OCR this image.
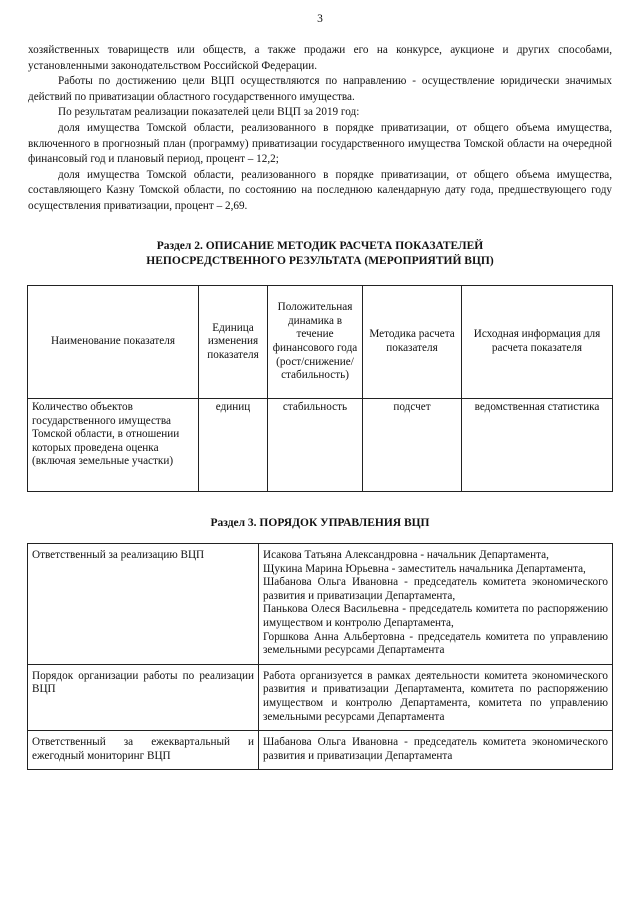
3

хозяйственных товариществ или обществ, а также продажи его на конкурсе, аукционе и других способами, установленными законодательством Российской Федерации.

Работы по достижению цели ВЦП осуществляются по направлению - осуществление юридически значимых действий по приватизации областного государственного имущества.

По результатам реализации показателей цели ВЦП за 2019 год:

доля имущества Томской области, реализованного в порядке приватизации, от общего объема имущества, включенного в прогнозный план (программу) приватизации государственного имущества Томской области на очередной финансовый год и плановый период, процент – 12,2;

доля имущества Томской области, реализованного в порядке приватизации, от общего объема имущества, составляющего Казну Томской области, по состоянию на последнюю календарную дату года, предшествующего году осуществления приватизации, процент – 2,69.

Раздел 2. ОПИСАНИЕ МЕТОДИК РАСЧЕТА ПОКАЗАТЕЛЕЙ
НЕПОСРЕДСТВЕННОГО РЕЗУЛЬТАТА (МЕРОПРИЯТИЙ ВЦП)
Наименование показателя	Единица изменения показателя	Положительная динамика в течение финансового года (рост/снижение/ стабильность)	Методика расчета показателя	Исходная информация для расчета показателя
Количество объектов государственного имущества Томской области, в отношении которых проведена оценка (включая земельные участки)	единиц	стабильность	подсчет	ведомственная статистика
Раздел 3. ПОРЯДОК УПРАВЛЕНИЯ ВЦП
Ответственный за реализацию ВЦП	Исакова Татьяна Александровна - начальник Департамента,
Щукина Марина Юрьевна - заместитель начальника Департамента,
Шабанова Ольга Ивановна - председатель комитета экономического развития и приватизации Департамента,
Панькова Олеся Васильевна - председатель комитета по распоряжению имуществом и контролю Департамента,
Горшкова Анна Альбертовна - председатель комитета по управлению земельными ресурсами Департамента

Порядок организации работы по реализации ВЦП	Работа организуется в рамках деятельности комитета экономического развития и приватизации Департамента, комитета по распоряжению имуществом и контролю Департамента, комитета по управлению земельными ресурсами Департамента

Ответственный за ежеквартальный и ежегодный мониторинг ВЦП	Шабанова Ольга Ивановна - председатель комитета экономического развития и приватизации Департамента
